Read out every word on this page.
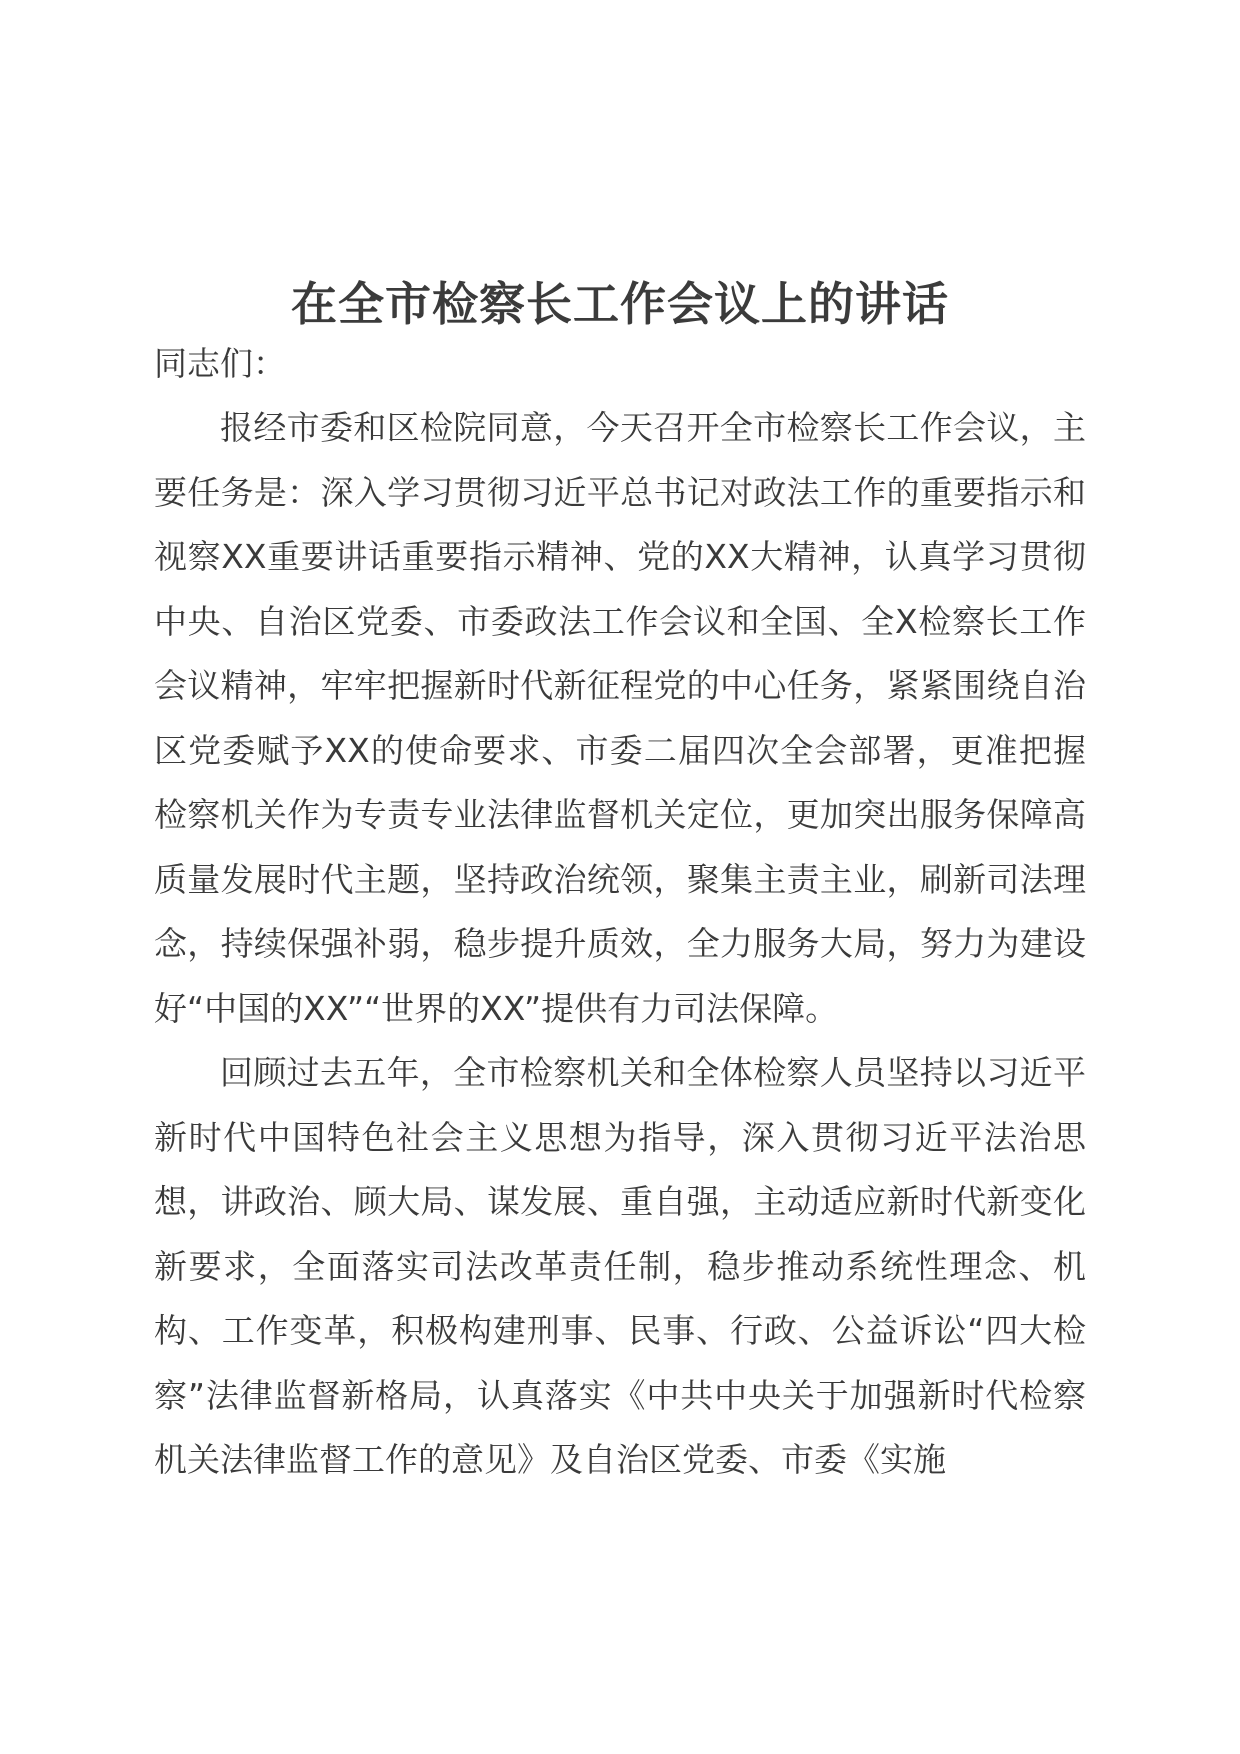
在全市检察长工作会议上的讲话

同志们：

报经市委和区检院同意，今天召开全市检察长工作会议，主要任务是：深入学习贯彻习近平总书记对政法工作的重要指示和视察XX重要讲话重要指示精神、党的XX大精神，认真学习贯彻中央、自治区党委、市委政法工作会议和全国、全X检察长工作会议精神，牢牢把握新时代新征程党的中心任务，紧紧围绕自治区党委赋予XX的使命要求、市委二届四次全会部署，更准把握检察机关作为专责专业法律监督机关定位，更加突出服务保障高质量发展时代主题，坚持政治统领，聚集主责主业，刷新司法理念，持续保强补弱，稳步提升质效，全力服务大局，努力为建设好“中国的XX”“世界的XX”提供有力司法保障。

回顾过去五年，全市检察机关和全体检察人员坚持以习近平新时代中国特色社会主义思想为指导，深入贯彻习近平法治思想，讲政治、顾大局、谋发展、重自强，主动适应新时代新变化新要求，全面落实司法改革责任制，稳步推动系统性理念、机构、工作变革，积极构建刑事、民事、行政、公益诉讼“四大检察”法律监督新格局，认真落实《中共中央关于加强新时代检察机关法律监督工作的意见》及自治区党委、市委《实施
